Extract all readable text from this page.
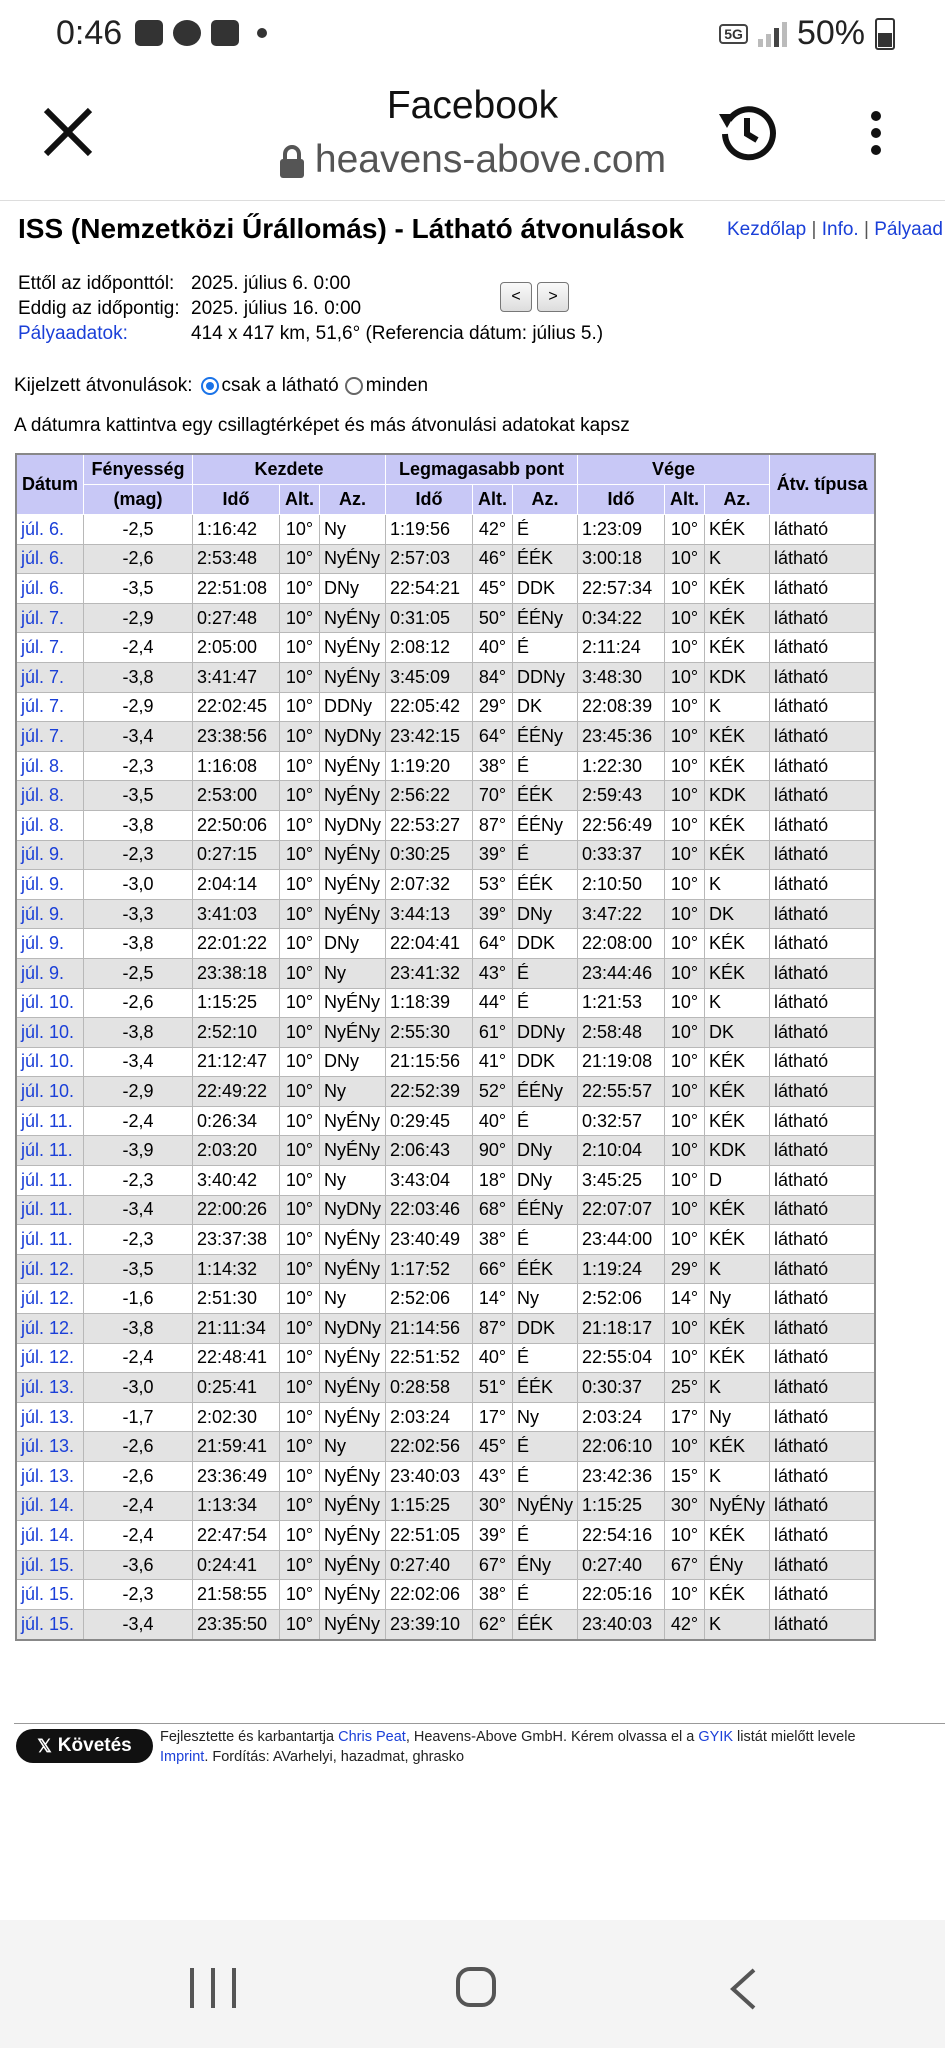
0:46	5G 50%
Facebook
heavens-above.com
ISS (Nemzetközi Űrállomás) - Látható átvonulások Kezdőlap | Info. | Pályaad
Ettől az időponttól: 2025. július 6. 0:00
Eddig az időpontig: 2025. július 16. 0:00
Pályaadatok:	414 x 417 km, 51,6° (Referencia dátum: július 5.)
<	>
Kijelzett átvonulások: csak a látható minden
A dátumra kattintva egy csillagtérképet és más átvonulási adatokat kapsz
Dátum	Fényesség	Kezdete			Legmagasabb pont			Vége			Átv. típusa
	(mag)	Idő	Alt.	Az.	Idő	Alt.	Az.	Idő	Alt.	Az.	
júl. 6.	-2,5	1:16:42	10°	Ny	1:19:56	42°	É	1:23:09	10°	KÉK	látható
júl. 6.	-2,6	2:53:48	10°	NyÉNy	2:57:03	46°	ÉÉK	3:00:18	10°	K	látható
júl. 6.	-3,5	22:51:08	10°	DNy	22:54:21	45°	DDK	22:57:34	10°	KÉK	látható
júl. 7.	-2,9	0:27:48	10°	NyÉNy	0:31:05	50°	ÉÉNy	0:34:22	10°	KÉK	látható
júl. 7.	-2,4	2:05:00	10°	NyÉNy	2:08:12	40°	É	2:11:24	10°	KÉK	látható
júl. 7.	-3,8	3:41:47	10°	NyÉNy	3:45:09	84°	DDNy	3:48:30	10°	KDK	látható
júl. 7.	-2,9	22:02:45	10°	DDNy	22:05:42	29°	DK	22:08:39	10°	K	látható
júl. 7.	-3,4	23:38:56	10°	NyDNy	23:42:15	64°	ÉÉNy	23:45:36	10°	KÉK	látható
júl. 8.	-2,3	1:16:08	10°	NyÉNy	1:19:20	38°	É	1:22:30	10°	KÉK	látható
júl. 8.	-3,5	2:53:00	10°	NyÉNy	2:56:22	70°	ÉÉK	2:59:43	10°	KDK	látható
júl. 8.	-3,8	22:50:06	10°	NyDNy	22:53:27	87°	ÉÉNy	22:56:49	10°	KÉK	látható
júl. 9.	-2,3	0:27:15	10°	NyÉNy	0:30:25	39°	É	0:33:37	10°	KÉK	látható
júl. 9.	-3,0	2:04:14	10°	NyÉNy	2:07:32	53°	ÉÉK	2:10:50	10°	K	látható
júl. 9.	-3,3	3:41:03	10°	NyÉNy	3:44:13	39°	DNy	3:47:22	10°	DK	látható
júl. 9.	-3,8	22:01:22	10°	DNy	22:04:41	64°	DDK	22:08:00	10°	KÉK	látható
júl. 9.	-2,5	23:38:18	10°	Ny	23:41:32	43°	É	23:44:46	10°	KÉK	látható
júl. 10.	-2,6	1:15:25	10°	NyÉNy	1:18:39	44°	É	1:21:53	10°	K	látható
júl. 10.	-3,8	2:52:10	10°	NyÉNy	2:55:30	61°	DDNy	2:58:48	10°	DK	látható
júl. 10.	-3,4	21:12:47	10°	DNy	21:15:56	41°	DDK	21:19:08	10°	KÉK	látható
júl. 10.	-2,9	22:49:22	10°	Ny	22:52:39	52°	ÉÉNy	22:55:57	10°	KÉK	látható
júl. 11.	-2,4	0:26:34	10°	NyÉNy	0:29:45	40°	É	0:32:57	10°	KÉK	látható
júl. 11.	-3,9	2:03:20	10°	NyÉNy	2:06:43	90°	DNy	2:10:04	10°	KDK	látható
júl. 11.	-2,3	3:40:42	10°	Ny	3:43:04	18°	DNy	3:45:25	10°	D	látható
júl. 11.	-3,4	22:00:26	10°	NyDNy	22:03:46	68°	ÉÉNy	22:07:07	10°	KÉK	látható
júl. 11.	-2,3	23:37:38	10°	NyÉNy	23:40:49	38°	É	23:44:00	10°	KÉK	látható
júl. 12.	-3,5	1:14:32	10°	NyÉNy	1:17:52	66°	ÉÉK	1:19:24	29°	K	látható
júl. 12.	-1,6	2:51:30	10°	Ny	2:52:06	14°	Ny	2:52:06	14°	Ny	látható
júl. 12.	-3,8	21:11:34	10°	NyDNy	21:14:56	87°	DDK	21:18:17	10°	KÉK	látható
júl. 12.	-2,4	22:48:41	10°	NyÉNy	22:51:52	40°	É	22:55:04	10°	KÉK	látható
júl. 13.	-3,0	0:25:41	10°	NyÉNy	0:28:58	51°	ÉÉK	0:30:37	25°	K	látható
júl. 13.	-1,7	2:02:30	10°	NyÉNy	2:03:24	17°	Ny	2:03:24	17°	Ny	látható
júl. 13.	-2,6	21:59:41	10°	Ny	22:02:56	45°	É	22:06:10	10°	KÉK	látható
júl. 13.	-2,6	23:36:49	10°	NyÉNy	23:40:03	43°	É	23:42:36	15°	K	látható
júl. 14.	-2,4	1:13:34	10°	NyÉNy	1:15:25	30°	NyÉNy	1:15:25	30°	NyÉNy	látható
júl. 14.	-2,4	22:47:54	10°	NyÉNy	22:51:05	39°	É	22:54:16	10°	KÉK	látható
júl. 15.	-3,6	0:24:41	10°	NyÉNy	0:27:40	67°	ÉNy	0:27:40	67°	ÉNy	látható
júl. 15.	-2,3	21:58:55	10°	NyÉNy	22:02:06	38°	É	22:05:16	10°	KÉK	látható
júl. 15.	-3,4	23:35:50	10°	NyÉNy	23:39:10	62°	ÉÉK	23:40:03	42°	K	látható
𝕏 Követés Fejlesztette és karbantartja Chris Peat, Heavens-Above GmbH. Kérem olvassa el a GYIK listát mielőtt levele
Imprint. Fordítás: AVarhelyi, hazadmat, ghrasko
